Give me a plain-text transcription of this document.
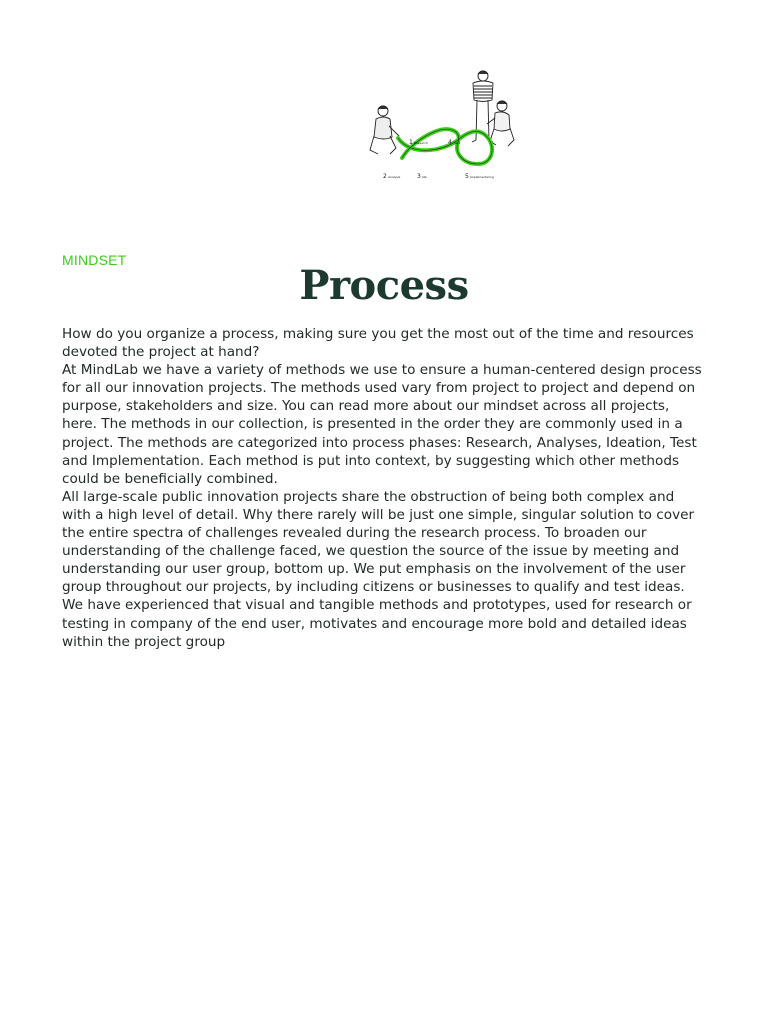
1 Research	4 Test
2 Analysis	3 Idé	5 Implementering
MINDSET
Process

How do you organize a process, making sure you get the most out of the time and resources devoted the project at hand?

At MindLab we have a variety of methods we use to ensure a human-centered design process for all our innovation projects. The methods used vary from project to project and depend on purpose, stakeholders and size. You can read more about our mindset across all projects, here. The methods in our collection, is presented in the order they are commonly used in a project. The methods are categorized into process phases: Research, Analyses, Ideation, Test and Implementation. Each method is put into context, by suggesting which other methods could be beneficially combined.

All large-scale public innovation projects share the obstruction of being both complex and with a high level of detail. Why there rarely will be just one simple, singular solution to cover the entire spectra of challenges revealed during the research process. To broaden our understanding of the challenge faced, we question the source of the issue by meeting and understanding our user group, bottom up. We put emphasis on the involvement of the user group throughout our projects, by including citizens or businesses to qualify and test ideas. We have experienced that visual and tangible methods and prototypes, used for research or testing in company of the end user, motivates and encourage more bold and detailed ideas within the project group
